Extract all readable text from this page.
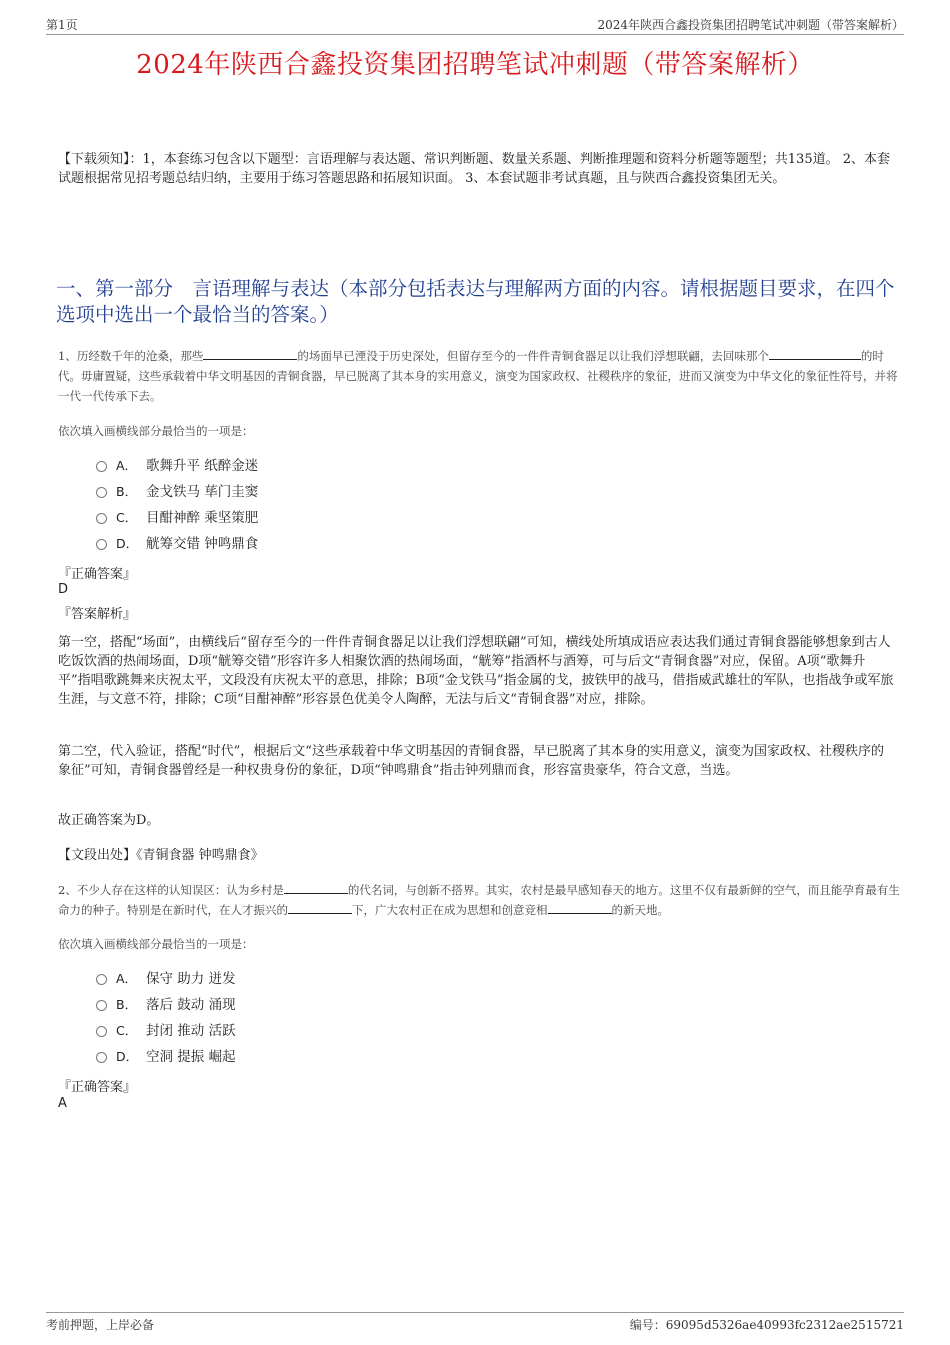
第1页	2024年陕西合鑫投资集团招聘笔试冲刺题（带答案解析）
2024年陕西合鑫投资集团招聘笔试冲刺题（带答案解析）
【下载须知】：1，本套练习包含以下题型：言语理解与表达题、常识判断题、数量关系题、判断推理题和资料分析题等题型；共135道。 2、本套试题根据常见招考题总结归纳，主要用于练习答题思路和拓展知识面。 3、本套试题非考试真题，且与陕西合鑫投资集团无关。
一、第一部分　言语理解与表达（本部分包括表达与理解两方面的内容。请根据题目要求，在四个选项中选出一个最恰当的答案。）
1、历经数千年的沧桑，那些	的场面早已湮没于历史深处，但留存至今的一件件青铜食器足以让我们浮想联翩，去回味那个	的时代。毋庸置疑，这些承载着中华文明基因的青铜食器，早已脱离了其本身的实用意义，演变为国家政权、社稷秩序的象征，进而又演变为中华文化的象征性符号，并将一代一代传承下去。
依次填入画横线部分最恰当的一项是：
A． 歌舞升平 纸醉金迷
B． 金戈铁马 荜门圭窦
C． 目酣神醉 乘坚策肥
D． 觥筹交错 钟鸣鼎食
『正确答案』
D
『答案解析』
第一空，搭配“场面”，由横线后“留存至今的一件件青铜食器足以让我们浮想联翩”可知，横线处所填成语应表达我们通过青铜食器能够想象到古人吃饭饮酒的热闹场面，D项“觥筹交错”形容许多人相聚饮酒的热闹场面，“觥筹”指酒杯与酒筹，可与后文“青铜食器”对应，保留。A项“歌舞升平”指唱歌跳舞来庆祝太平，文段没有庆祝太平的意思，排除；B项“金戈铁马”指金属的戈，披铁甲的战马，借指威武雄壮的军队，也指战争或军旅生涯，与文意不符，排除；C项“目酣神醉”形容景色优美令人陶醉，无法与后文“青铜食器”对应，排除。
第二空，代入验证，搭配“时代”，根据后文“这些承载着中华文明基因的青铜食器，早已脱离了其本身的实用意义，演变为国家政权、社稷秩序的象征”可知，青铜食器曾经是一种权贵身份的象征，D项“钟鸣鼎食”指击钟列鼎而食，形容富贵豪华，符合文意，当选。
故正确答案为D。
【文段出处】《青铜食器 钟鸣鼎食》
2、不少人存在这样的认知误区：认为乡村是	的代名词，与创新不搭界。其实，农村是最早感知春天的地方。这里不仅有最新鲜的空气，而且能孕育最有生命力的种子。特别是在新时代，在人才振兴的	下，广大农村正在成为思想和创意竞相	的新天地。
依次填入画横线部分最恰当的一项是：
A． 保守 助力 迸发
B． 落后 鼓动 涌现
C． 封闭 推动 活跃
D． 空洞 提振 崛起
『正确答案』
A
考前押题，上岸必备	编号：69095d5326ae40993fc2312ae2515721
